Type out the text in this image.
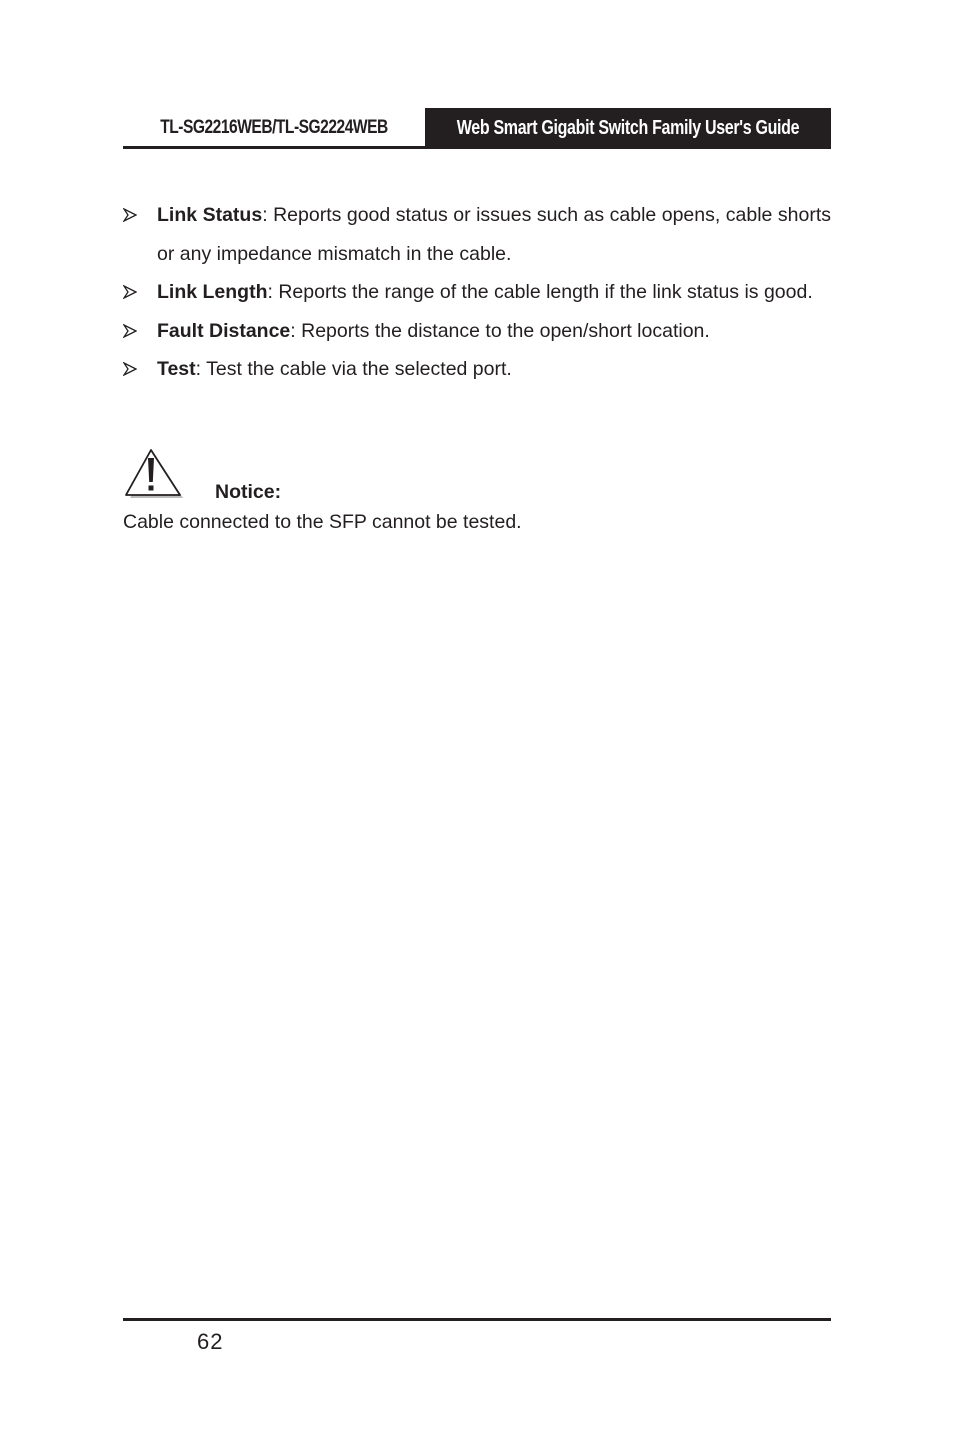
TL-SG2216WEB/TL-SG2224WEB	Web Smart Gigabit Switch Family User's Guide
Link Status: Reports good status or issues such as cable opens, cable shorts or any impedance mismatch in the cable.
Link Length: Reports the range of the cable length if the link status is good.
Fault Distance: Reports the distance to the open/short location.
Test: Test the cable via the selected port.
Notice:
Cable connected to the SFP cannot be tested.
62
